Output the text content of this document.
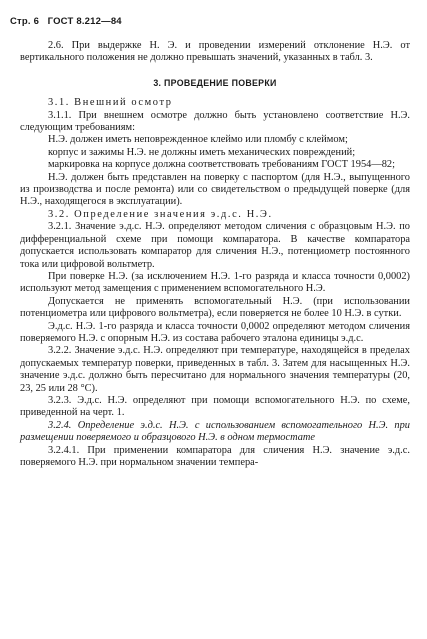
Стр. 6 ГОСТ 8.212—84

2.6. При выдержке Н. Э. и проведении измерений отклонение Н.Э. от вертикального положения не должно превышать значений, указанных в табл. 3.

3. ПРОВЕДЕНИЕ ПОВЕРКИ

3.1. Внешний осмотр

3.1.1. При внешнем осмотре должно быть установлено соответствие Н.Э. следующим требованиям:

Н.Э. должен иметь неповрежденное клеймо или пломбу с клеймом;

корпус и зажимы Н.Э. не должны иметь механических повреждений;

маркировка на корпусе должна соответствовать требованиям ГОСТ 1954—82;

Н.Э. должен быть представлен на поверку с паспортом (для Н.Э., выпущенного из производства и после ремонта) или со свидетельством о предыдущей поверке (для Н.Э., находящегося в эксплуатации).

3.2. Определение значения э.д.с. Н.Э.

3.2.1. Значение э.д.с. Н.Э. определяют методом сличения с образцовым Н.Э. по дифференциальной схеме при помощи компаратора. В качестве компаратора допускается использовать компаратор для сличения Н.Э., потенциометр постоянного тока или цифровой вольтметр.

При поверке Н.Э. (за исключением Н.Э. 1-го разряда и класса точности 0,0002) используют метод замещения с применением вспомогательного Н.Э.

Допускается не применять вспомогательный Н.Э. (при использовании потенциометра или цифрового вольтметра), если поверяется не более 10 Н.Э. в сутки.

Э.д.с. Н.Э. 1-го разряда и класса точности 0,0002 определяют методом сличения поверяемого Н.Э. с опорным Н.Э. из состава рабочего эталона единицы э.д.с.

3.2.2. Значение э.д.с. Н.Э. определяют при температуре, находящейся в пределах допускаемых температур поверки, приведенных в табл. 3. Затем для насыщенных Н.Э. значение э.д.с. должно быть пересчитано для нормального значения температуры (20, 23, 25 или 28 °С).

3.2.3. Э.д.с. Н.Э. определяют при помощи вспомогательного Н.Э. по схеме, приведенной на черт. 1.

3.2.4. Определение э.д.с. Н.Э. с использованием вспомогательного Н.Э. при размещении поверяемого и образцового Н.Э. в одном термостате

3.2.4.1. При применении компаратора для сличения Н.Э. значение э.д.с. поверяемого Н.Э. при нормальном значении темпера-
